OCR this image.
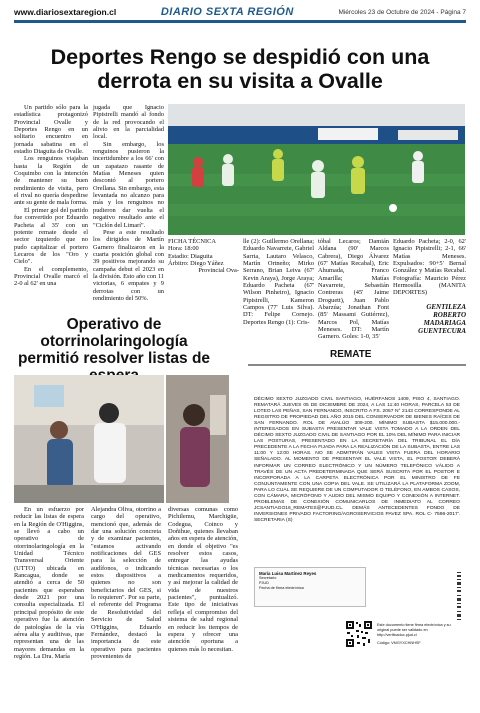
www.diariosextaregion.cl	DIARIO SEXTA REGIÓN	Miércoles 23 de Octubre de 2024 - Página 7
Deportes Rengo se despidió con una derrota en su visita a Ovalle

Un partido sólo para la estadística protagonizó Provincial Ovalle y Deportes Rengo en un solitario encuentro en jornada sabatina en el estadio Diaguita de Ovalle.

Los renguinos viajaban hasta la Región de Coquimbo con la intención de mantener su buen rendimiento de visita, pero el rival no quería despedirse ante su gente de mala forma.

El primer gol del partido fue convertido por Eduardo Pacheta al 35' con un potente remate desde el sector izquierdo que no pudo capitalizar el portero Lecaros de los "Oro y Cielo".

En el complemento, Provincial Ovalle marcó el 2-0 al 62' en una

jugada que Ignacio Pipistrelli mandó al fondo de la red provocando el alivio en la parcialidad local.

Sin embargo, los renguinos pusieron la incertidumbre a los 66' con un zapatazo rasante de Matías Meneses quien descontó al portero Orellana. Sin embargo, esta levantada no alcanzo para más y los renguinos no pudieron dar vuelta el negativo resultado ante el "Ciclón del Limarí".

Pese a este resultado los dirigidos de Martín Garnero finalizaron en la cuarta posición global con 39 positivos mejorando su campaña debut el 2023 en la división. Esto año con 11 victorias, 6 empates y 9 derrotas con un rendimiento del 50%.

FICHA TÉCNICA
Hora: 18:00
Estadio: Diaguita
Árbitro: Diego Yáñez
Provincial Ova-

lle (2): Guillermo Orellana; Eduardo Navarrete, Gabriel Sarria, Lautaro Velasco, Martín Ortneño; Mirko Serrano, Brian Leiva (67' Kevin Araya), Jorge Araya; Eduardo Pacheta (67' Wilson Pinheiro), Ignacio Pipistrelli, Kameron Campos (77' Luis Silva). DT: Felipe Cornejo. Deportes Rengo (1): Cris-

tóbal Lecaros; Damián Aldana (90' Marcos Cabrera), Diego Álvarez (67' Matías Recabal), Eric Ahumada, Franco Amarilla; Matías Navarrete, Sebastián Contreras (45' Jaime Droguett), Juan Pablo Abarzúa; Jonathan Font (85' Massami Gutiérrez), Marcos Pol, Matías Meneses. DT: Martín Garnero. Goles: 1-0, 35'

Eduardo Pacheta; 2-0, 62' Ignacio Pipistrelli; 2-1, 66' Matías Meneses. Expulsados: 90+5' Bernal González y Matías Recabal. Fotografía: Mauricio Pérez Hermosilla (MANITA DEPORTES)

GENTILEZA ROBERTO MADARIAGA GUENTECURA
Operativo de otorrinolaringología permitió resolver listas de

En un esfuerzo por reducir las listas de espera en la Región de O'Higgins, se llevó a cabo un operativo de otorrinolaringología en la Unidad Técnico Transversal Oriente (UTTO) ubicada en Rancagua, donde se atendió a cerca de 50 pacientes que esperaban desde 2021 por una consulta especializada. El principal propósito de este operativo fue la atención de patologías de la vía aérea alta y auditivas, que representan una de las mayores demandas en la región. La Dra. María

Alejandra Oliva, otorrino a cargo del operativo, mencionó que, además de dar una solución concreta y de examinar pacientes, "estamos activando notificaciones del GES para la selección de audífonos, o indicando estos dispositivos a quienes no son beneficiarios del GES, si lo requieren". Por su parte, el referente del Programa de Resolutividad del Servicio de Salud O'Higgins, Eduardo Fernández, destacó la importancia de este operativo para pacientes provenientes de

diversas comunas como Pichilemu, Marchigüe, Codegua, Coinco y Doñihue, quienes llevaban años en espera de atención, en donde el objetivo "es resolver estos casos, entregar las ayudas técnicas necesarias o los medicamentos requeridos, y así mejorar la calidad de vida de nuestros pacientes", puntualizó. Este tipo de iniciativas refleja el compromiso del sistema de salud regional en reducir los tiempos de espera y ofrecer una atención oportuna a quienes más lo necesitan.

REMATE
DÉCIMO SEXTO JUZGADO CIVIL SANTIAGO, HUÉRFANOS 1409, PISO 4, SANTIAGO. REMATARÁ JUEVES 05 DE DICIEMBRE DE 2024, A LAS 11:40 HORAS, PARCELA 53 DE LOTEO LAS PEÑAS, SAN FERNANDO, INSCRITO A FS. 2057 N° 2143 CORRESPONDE AL REGISTRO DE PROPIEDAD DEL AÑO 2015 DEL CONSERVADOR DE BIENES RAÍCES DE SAN FERNANDO. ROL DE AVALÚO 309-200. MÍNIMO SUBASTA $15.000.000.- INTERESADOS EN SUBASTA PRESENTAR VALE VISTA TOMADO A LA ORDEN DEL DÉCIMO SEXTO JUZGADO CIVIL DE SANTIAGO POR EL 10% DEL MÍNIMO PARA INICIAR LAS POSTURAS, PRESENTADO EN LA SECRETARÍA DEL TRIBUNAL EL DÍA PRECEDENTE A LA FECHA FIJADA PARA LA REALIZACIÓN DE LA SUBASTA, ENTRE LAS 11:00 Y 12:00 HORAS. NO SE ADMITIRÁN VALES VISTA FUERA DEL HORARIO SEÑALADO. AL MOMENTO DE PRESENTAR EL VALE VISTA, EL POSTOR DEBERÁ INFORMAR UN CORREO ELECTRÓNICO Y UN NÚMERO TELEFÓNICO VÁLIDO A TRAVÉS DE UN ACTA PREDETERMINADA QUE SERÁ SUSCRITA POR EL POSTOR E INCORPORADA A LA CARPETA ELECTRÓNICA POR EL MINISTRO DE FE CONJUNTAMENTE CON UNA COPIA DEL VALE. SE UTILIZARÁ LA PLATAFORMA ZOOM, PARA LO CUAL SE REQUIERE DE UN COMPUTADOR O TELÉFONO, EN AMBOS CASOS, CON CÁMARA, MICRÓFONO Y AUDIO DEL MISMO EQUIPO Y CONEXIÓN A INTERNET. PROBLEMAS DE CONEXIÓN COMUNICARLOS DE INMEDIATO AL CORREO JCSANTIAGO16_REMATES@PJUD.CL. DEMÁS ANTECEDENTES FONDO DE INVERSIONES PRIVADO FACTORING/AGROSERVICIOS PAVEZ SPA. ROL C- 7596-2017'. SECRETARIA (S)
María Luisa Martínez Reyes
Secretario
PJUD
Fecha de firma electrónica
Este documento tiene firma electrónica y su original puede ser validado en http://verificadoc.pjud.cl
Código: VMGYXCHNHSF
